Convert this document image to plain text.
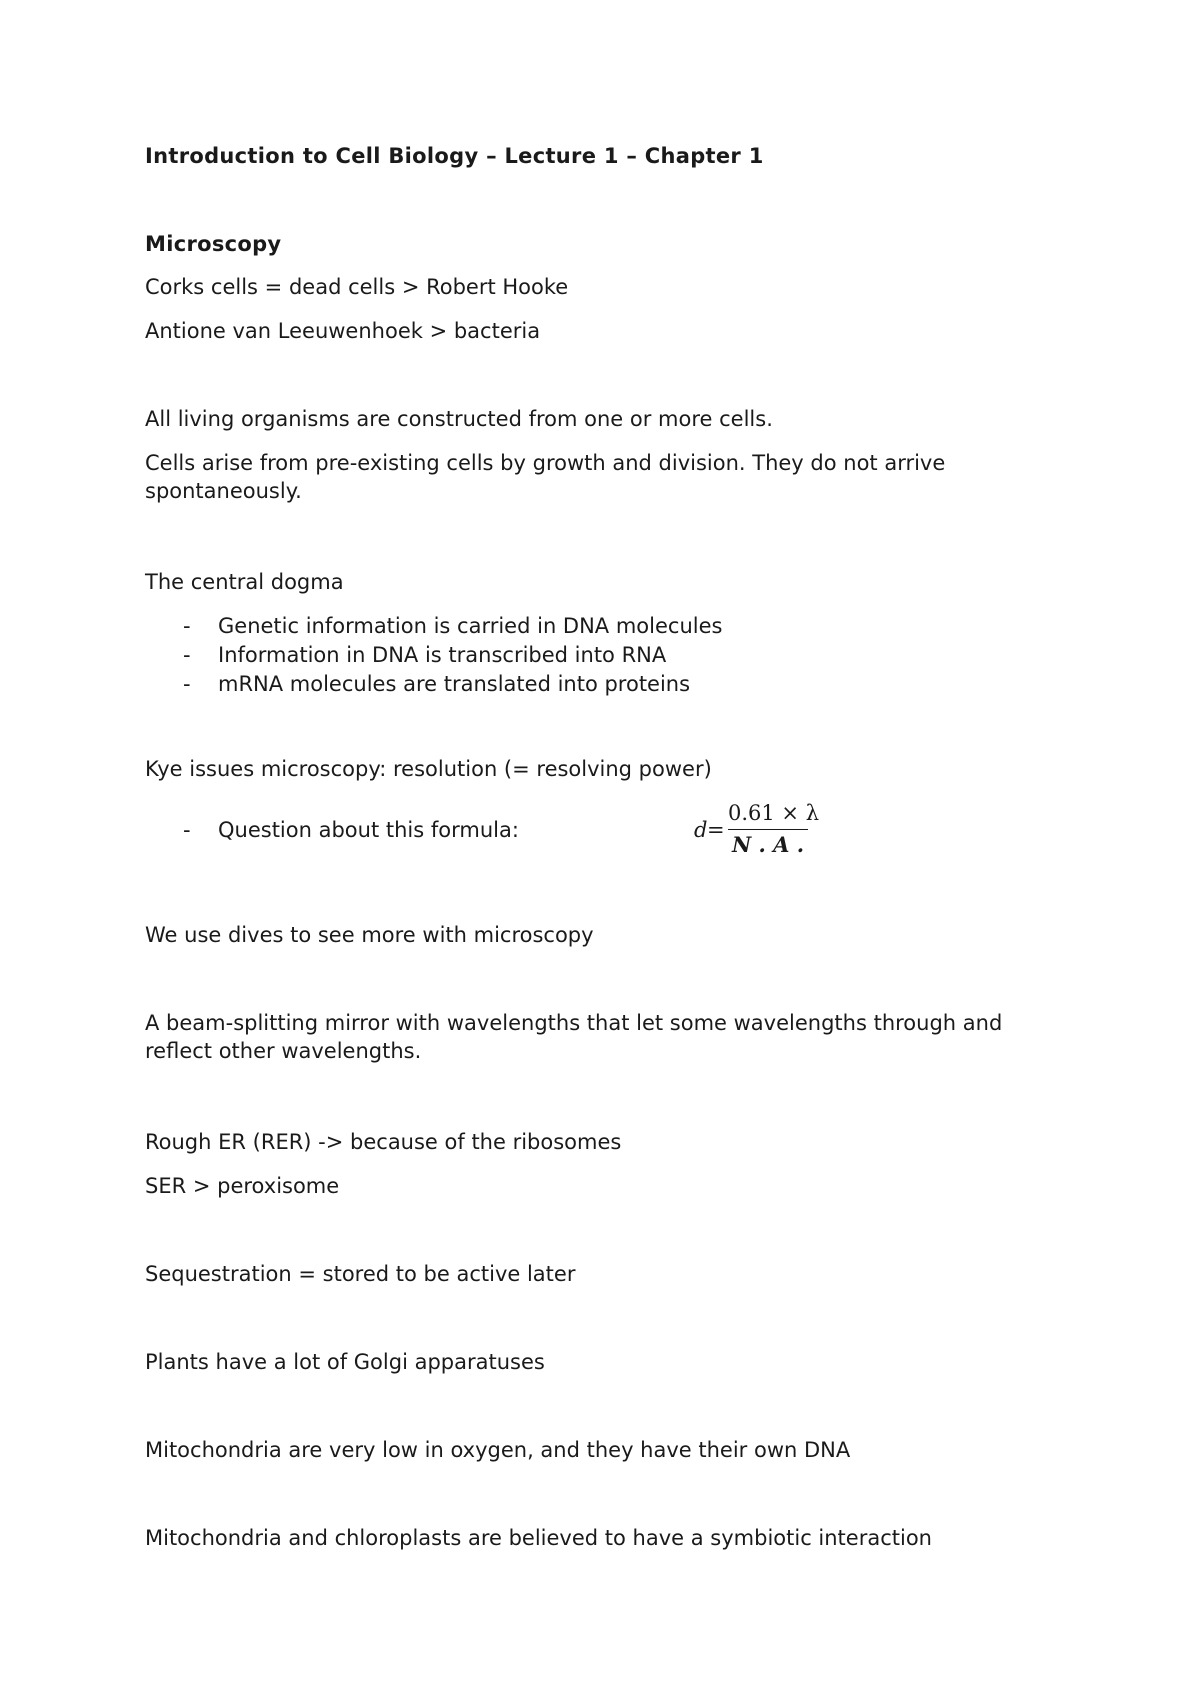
Introduction to Cell Biology – Lecture 1 – Chapter 1

Microscopy

Corks cells = dead cells > Robert Hooke

Antione van Leeuwenhoek > bacteria

All living organisms are constructed from one or more cells.

Cells arise from pre-existing cells by growth and division. They do not arrive spontaneously.

The central dogma

- Genetic information is carried in DNA molecules
- Information in DNA is transcribed into RNA
- mRNA molecules are translated into proteins

Kye issues microscopy: resolution (= resolving power)

- Question about this formula:	d =
0.61 × λ
N . A .

We use dives to see more with microscopy

A beam-splitting mirror with wavelengths that let some wavelengths through and reflect other wavelengths.

Rough ER (RER) -> because of the ribosomes

SER > peroxisome

Sequestration = stored to be active later

Plants have a lot of Golgi apparatuses

Mitochondria are very low in oxygen, and they have their own DNA

Mitochondria and chloroplasts are believed to have a symbiotic interaction
